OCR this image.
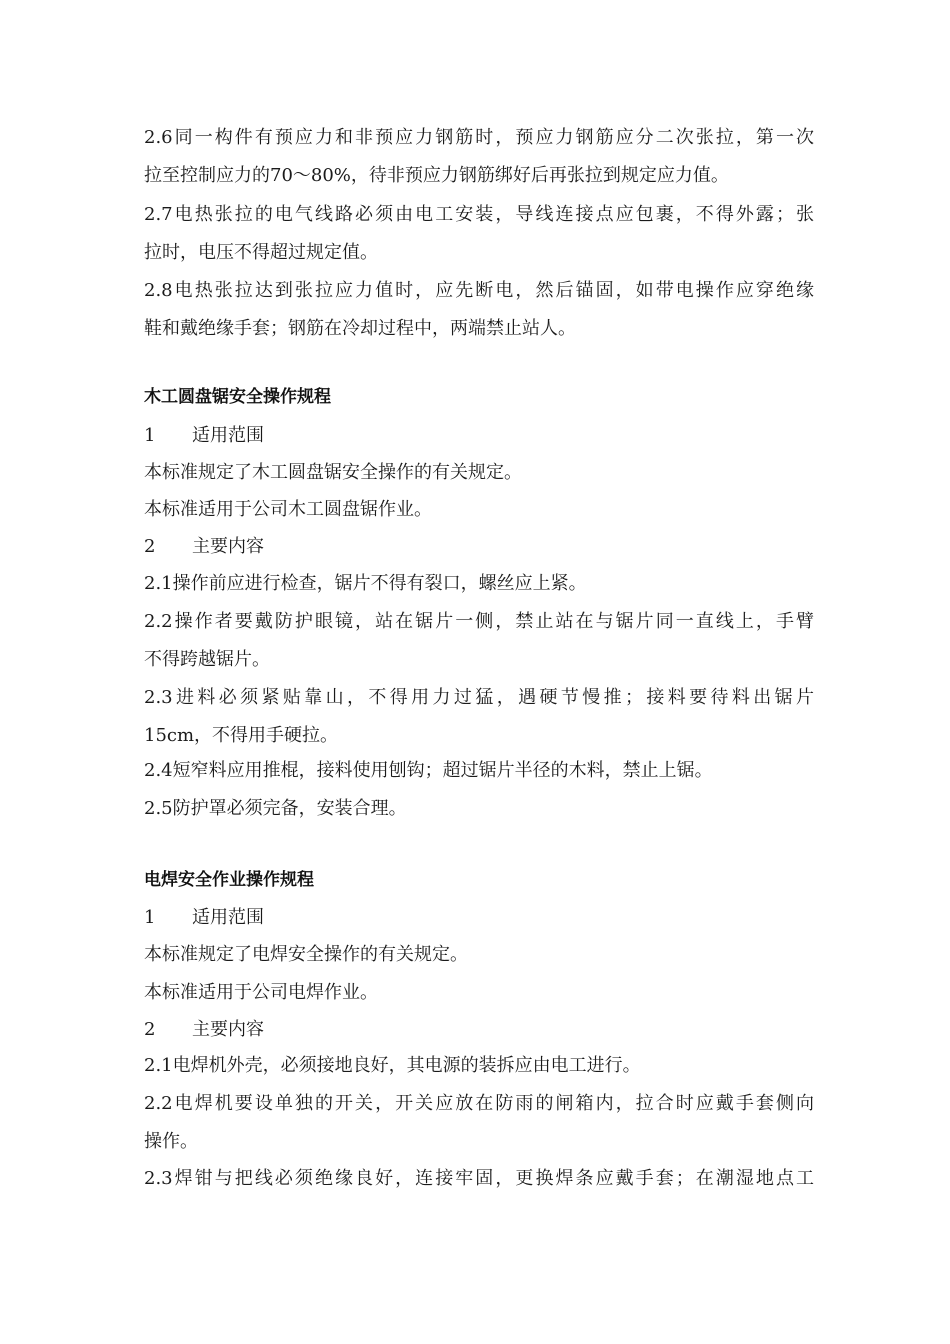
2.6同一构件有预应力和非预应力钢筋时，预应力钢筋应分二次张拉，第一次
拉至控制应力的70～80%，待非预应力钢筋绑好后再张拉到规定应力值。
2.7电热张拉的电气线路必须由电工安装，导线连接点应包裹，不得外露；张
拉时，电压不得超过规定值。
2.8电热张拉达到张拉应力值时，应先断电，然后锚固，如带电操作应穿绝缘
鞋和戴绝缘手套；钢筋在冷却过程中，两端禁止站人。
木工圆盘锯安全操作规程
1 适用范围
本标准规定了木工圆盘锯安全操作的有关规定。
本标准适用于公司木工圆盘锯作业。
2 主要内容
2.1操作前应进行检查，锯片不得有裂口，螺丝应上紧。
2.2操作者要戴防护眼镜，站在锯片一侧，禁止站在与锯片同一直线上，手臂
不得跨越锯片。
2.3进料必须紧贴靠山，不得用力过猛，遇硬节慢推；接料要待料出锯片
15cm，不得用手硬拉。
2.4短窄料应用推棍，接料使用刨钩；超过锯片半径的木料，禁止上锯。
2.5防护罩必须完备，安装合理。
电焊安全作业操作规程
1 适用范围
本标准规定了电焊安全操作的有关规定。
本标准适用于公司电焊作业。
2 主要内容
2.1电焊机外壳，必须接地良好，其电源的装拆应由电工进行。
2.2电焊机要设单独的开关，开关应放在防雨的闸箱内，拉合时应戴手套侧向
操作。
2.3焊钳与把线必须绝缘良好，连接牢固，更换焊条应戴手套；在潮湿地点工
